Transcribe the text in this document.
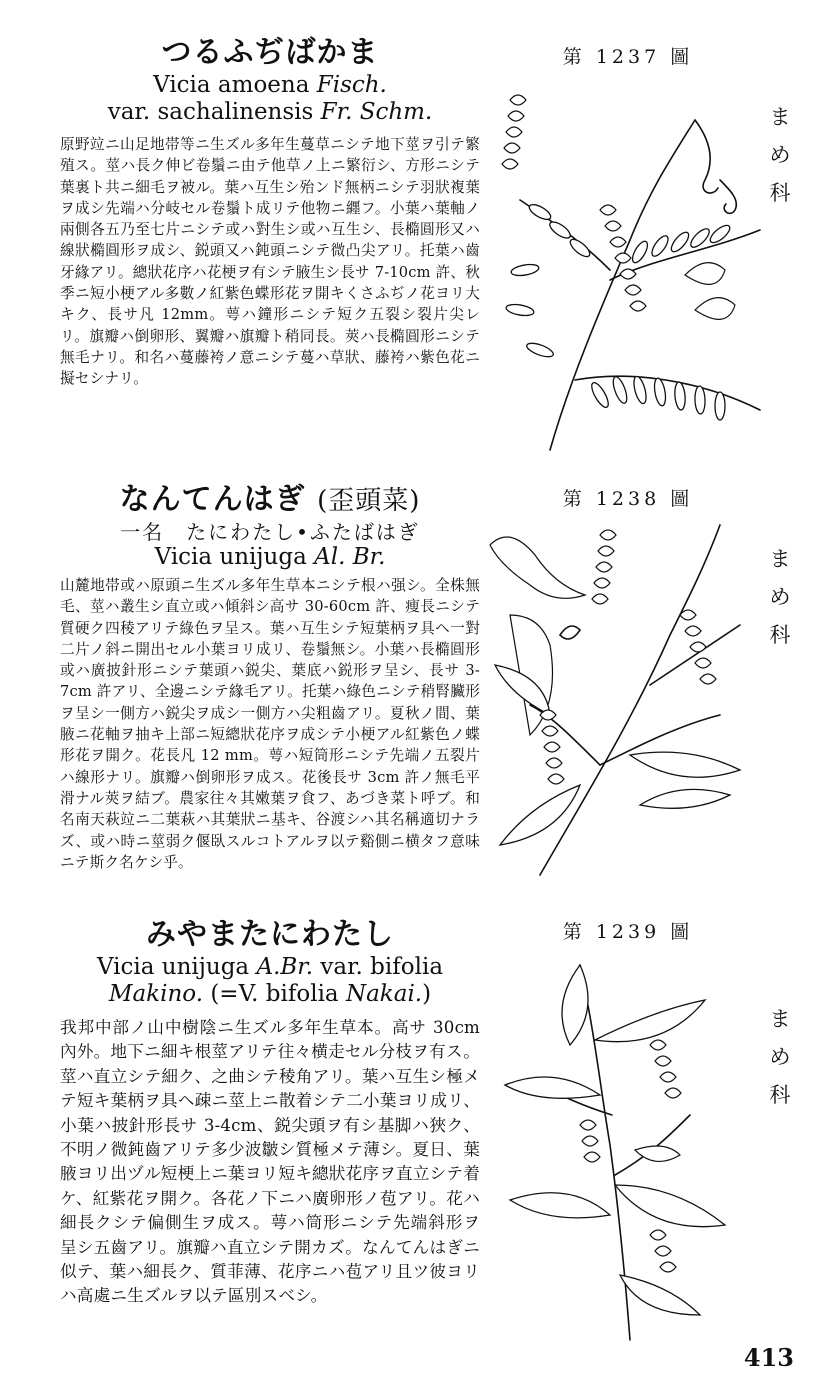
つるふぢばかま
Vicia amoena Fisch.
var. sachalinensis Fr. Schm.
原野竝ニ山足地帯等ニ生ズル多年生蔓草ニシテ地下莖ヲ引テ繁殖ス。莖ハ長ク伸ビ卷鬚ニ由テ他草ノ上ニ繁衍シ、方形ニシテ葉裏ト共ニ細毛ヲ被ル。葉ハ互生シ殆ンド無柄ニシテ羽狀複葉ヲ成シ先端ハ分岐セル卷鬚ト成リテ他物ニ纒フ。小葉ハ葉軸ノ兩側各五乃至七片ニシテ或ハ對生シ或ハ互生シ、長橢圓形又ハ線狀橢圓形ヲ成シ、鋭頭又ハ鈍頭ニシテ微凸尖アリ。托葉ハ齒牙緣アリ。總狀花序ハ花梗ヲ有シテ腋生シ長サ 7-10cm 許、秋季ニ短小梗アル多數ノ紅紫色蝶形花ヲ開キくさふぢノ花ヨリ大キク、長サ凡 12mm。萼ハ鐘形ニシテ短ク五裂シ裂片尖レリ。旗瓣ハ倒卵形、翼瓣ハ旗瓣ト稍同長。莢ハ長橢圓形ニシテ無毛ナリ。和名ハ蔓藤袴ノ意ニシテ蔓ハ草狀、藤袴ハ紫色花ニ擬セシナリ。
第 1237 圖
ま
め
科
なんてんはぎ (歪頭菜)
一名　たにわたし•ふたばはぎ
Vicia unijuga Al. Br.
山麓地帯或ハ原頭ニ生ズル多年生草本ニシテ根ハ强シ。全株無毛、莖ハ叢生シ直立或ハ傾斜シ高サ 30-60cm 許、痩長ニシテ質硬ク四稜アリテ綠色ヲ呈ス。葉ハ互生シテ短葉柄ヲ具ヘ一對二片ノ斜ニ開出セル小葉ヨリ成リ、卷鬚無シ。小葉ハ長橢圓形或ハ廣披針形ニシテ葉頭ハ鋭尖、葉底ハ鋭形ヲ呈シ、長サ 3-7cm 許アリ、全邊ニシテ緣毛アリ。托葉ハ綠色ニシテ稍腎臟形ヲ呈シ一側方ハ鋭尖ヲ成シ一側方ハ尖粗齒アリ。夏秋ノ間、葉腋ニ花軸ヲ抽キ上部ニ短總狀花序ヲ成シテ小梗アル紅紫色ノ蝶形花ヲ開ク。花長凡 12 mm。萼ハ短筒形ニシテ先端ノ五裂片ハ線形ナリ。旗瓣ハ倒卵形ヲ成ス。花後長サ 3cm 許ノ無毛平滑ナル莢ヲ結ブ。農家往々其嫩葉ヲ食フ、あづき菜ト呼ブ。和名南天萩竝ニ二葉萩ハ其葉狀ニ基キ、谷渡シハ其名稱適切ナラズ、或ハ時ニ莖弱ク偃臥スルコトアルヲ以テ谿側ニ横タフ意味ニテ斯ク名ケシ乎。
第 1238 圖
ま
め
科
みやまたにわたし
Vicia unijuga A.Br. var. bifolia
Makino. (=V. bifolia Nakai.)
我邦中部ノ山中樹陰ニ生ズル多年生草本。高サ 30cm 內外。地下ニ細キ根莖アリテ往々横走セル分枝ヲ有ス。莖ハ直立シテ細ク、之曲シテ稜角アリ。葉ハ互生シ極メテ短キ葉柄ヲ具ヘ疎ニ莖上ニ散着シテ二小葉ヨリ成リ、小葉ハ披針形長サ 3-4cm、鋭尖頭ヲ有シ基脚ハ狹ク、不明ノ微鈍齒アリテ多少波皺シ質極メテ薄シ。夏日、葉腋ヨリ出ヅル短梗上ニ葉ヨリ短キ總狀花序ヲ直立シテ着ケ、紅紫花ヲ開ク。各花ノ下ニハ廣卵形ノ苞アリ。花ハ細長クシテ偏側生ヲ成ス。萼ハ筒形ニシテ先端斜形ヲ呈シ五齒アリ。旗瓣ハ直立シテ開カズ。なんてんはぎニ似テ、葉ハ細長ク、質菲薄、花序ニハ苞アリ且ツ彼ヨリハ高處ニ生ズルヲ以テ區別スベシ。
第 1239 圖
ま
め
科
413
